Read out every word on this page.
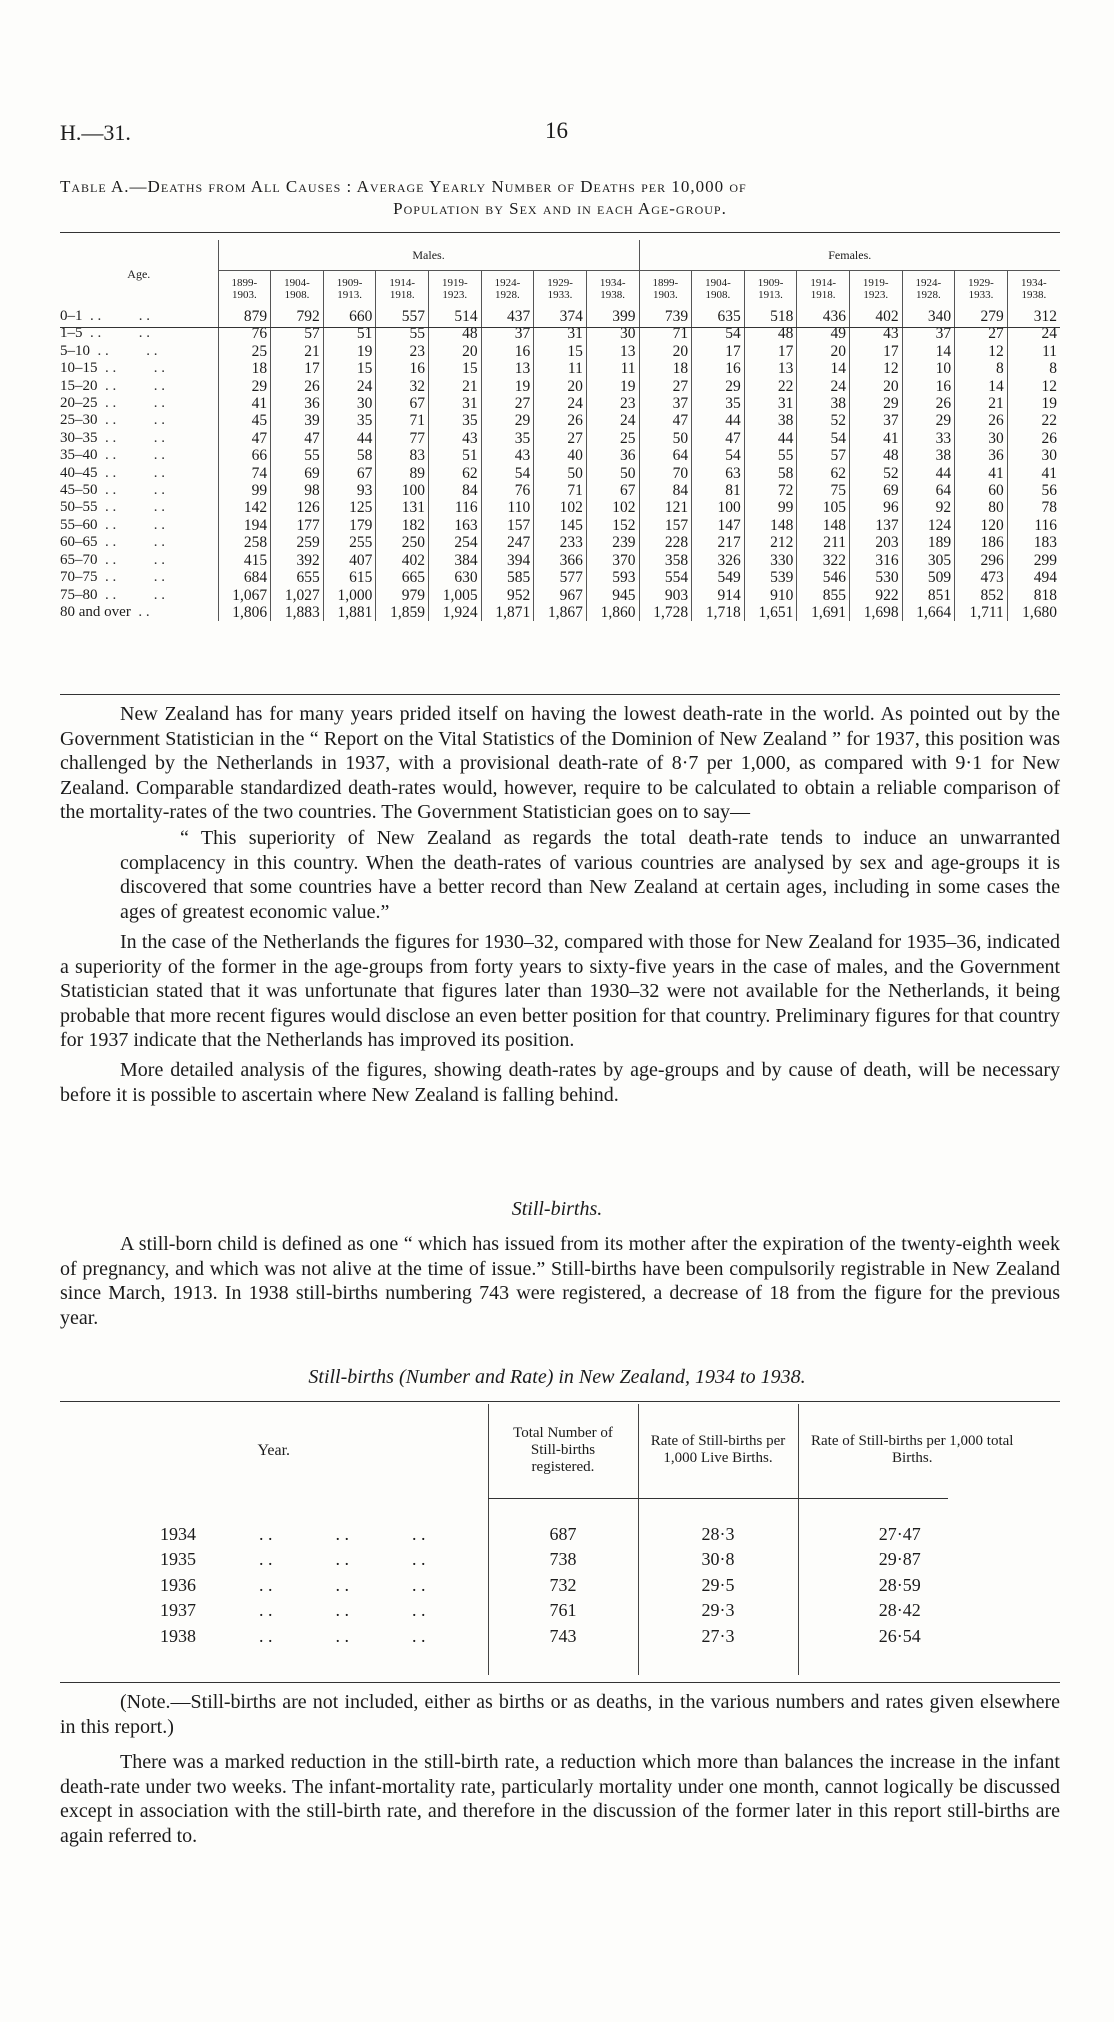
H.—31.	16
Table A.—Deaths from All Causes : Average Yearly Number of Deaths per 10,000 of
Population by Sex and in each Age-group.
Age.	Males.								Females.							
	1899-
1903.	1904-
1908.	1909-
1913.	1914-
1918.	1919-
1923.	1924-
1928.	1929-
1933.	1934-
1938.	1899-
1903.	1904-
1908.	1909-
1913.	1914-
1918.	1919-
1923.	1924-
1928.	1929-
1933.	1934-
1938.
0–1  . .          . .	879	792	660	557	514	437	374	399	739	635	518	436	402	340	279	312
1–5  . .          . .	76	57	51	55	48	37	31	30	71	54	48	49	43	37	27	24
5–10  . .          . .	25	21	19	23	20	16	15	13	20	17	17	20	17	14	12	11
10–15  . .          . .	18	17	15	16	15	13	11	11	18	16	13	14	12	10	8	8
15–20  . .          . .	29	26	24	32	21	19	20	19	27	29	22	24	20	16	14	12
20–25  . .          . .	41	36	30	67	31	27	24	23	37	35	31	38	29	26	21	19
25–30  . .          . .	45	39	35	71	35	29	26	24	47	44	38	52	37	29	26	22
30–35  . .          . .	47	47	44	77	43	35	27	25	50	47	44	54	41	33	30	26
35–40  . .          . .	66	55	58	83	51	43	40	36	64	54	55	57	48	38	36	30
40–45  . .          . .	74	69	67	89	62	54	50	50	70	63	58	62	52	44	41	41
45–50  . .          . .	99	98	93	100	84	76	71	67	84	81	72	75	69	64	60	56
50–55  . .          . .	142	126	125	131	116	110	102	102	121	100	99	105	96	92	80	78
55–60  . .          . .	194	177	179	182	163	157	145	152	157	147	148	148	137	124	120	116
60–65  . .          . .	258	259	255	250	254	247	233	239	228	217	212	211	203	189	186	183
65–70  . .          . .	415	392	407	402	384	394	366	370	358	326	330	322	316	305	296	299
70–75  . .          . .	684	655	615	665	630	585	577	593	554	549	539	546	530	509	473	494
75–80  . .          . .	1,067	1,027	1,000	979	1,005	952	967	945	903	914	910	855	922	851	852	818
80 and over  . .	1,806	1,883	1,881	1,859	1,924	1,871	1,867	1,860	1,728	1,718	1,651	1,691	1,698	1,664	1,711	1,680
New Zealand has for many years prided itself on having the lowest death-rate in the world. As pointed out by the Government Statistician in the “ Report on the Vital Statistics of the Dominion of New Zealand ” for 1937, this position was challenged by the Netherlands in 1937, with a provisional death-rate of 8·7 per 1,000, as compared with 9·1 for New Zealand. Comparable standardized death-rates would, however, require to be calculated to obtain a reliable comparison of the mortality-rates of the two countries. The Government Statistician goes on to say—
“ This superiority of New Zealand as regards the total death-rate tends to induce an unwarranted complacency in this country. When the death-rates of various countries are analysed by sex and age-groups it is discovered that some countries have a better record than New Zealand at certain ages, including in some cases the ages of greatest economic value.”
In the case of the Netherlands the figures for 1930–32, compared with those for New Zealand for 1935–36, indicated a superiority of the former in the age-groups from forty years to sixty-five years in the case of males, and the Government Statistician stated that it was unfortunate that figures later than 1930–32 were not available for the Netherlands, it being probable that more recent figures would disclose an even better position for that country. Preliminary figures for that country for 1937 indicate that the Netherlands has improved its position.
More detailed analysis of the figures, showing death-rates by age-groups and by cause of death, will be necessary before it is possible to ascertain where New Zealand is falling behind.
Still-births.
A still-born child is defined as one “ which has issued from its mother after the expiration of the twenty-eighth week of pregnancy, and which was not alive at the time of issue.” Still-births have been compulsorily registrable in New Zealand since March, 1913. In 1938 still-births numbering 743 were registered, a decrease of 18 from the figure for the previous year.
Still-births (Number and Rate) in New Zealand, 1934 to 1938.
Year.	Total Number of Still-births registered.	Rate of Still-births per 1,000 Live Births.	Rate of Still-births per 1,000 total Births.

1934              . .              . .              . .	687	28·3	27·47
1935              . .              . .              . .	738	30·8	29·87
1936              . .              . .              . .	732	29·5	28·59
1937              . .              . .              . .	761	29·3	28·42
1938              . .              . .              . .	743	27·3	26·54

(Note.—Still-births are not included, either as births or as deaths, in the various numbers and rates given elsewhere in this report.)
There was a marked reduction in the still-birth rate, a reduction which more than balances the increase in the infant death-rate under two weeks. The infant-mortality rate, particularly mortality under one month, cannot logically be discussed except in association with the still-birth rate, and therefore in the discussion of the former later in this report still-births are again referred to.
